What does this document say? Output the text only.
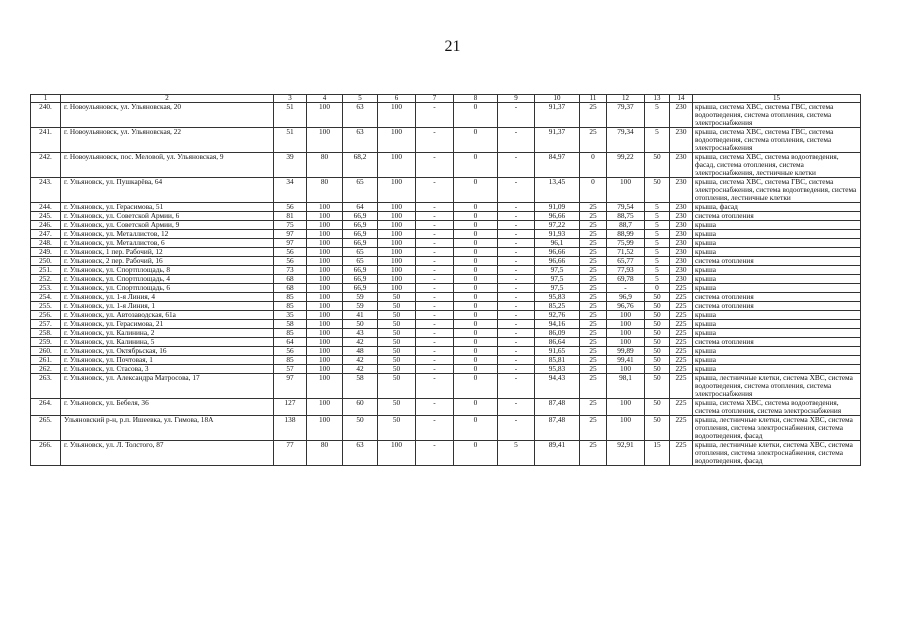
21
1	2	3	4	5	6	7	8	9	10	11	12	13	14	15
240.	г. Новоульяновск, ул. Ульяновская, 20	51	100	63	100	-	0	-	91,37	25	79,37	5	230	крыша, система ХВС, система ГВС, система водоотведения, система отопления, система электроснабжения
241.	г. Новоульяновск, ул. Ульяновская, 22	51	100	63	100	-	0	-	91,37	25	79,34	5	230	крыша, система ХВС, система ГВС, система водоотведения, система отопления, система электроснабжения
242.	г. Новоульяновск, пос. Меловой, ул. Ульяновская, 9	39	80	68,2	100	-	0	-	84,97	0	99,22	50	230	крыша, система ХВС, система водоотведения, фасад, система отопления, система электроснабжения, лестничные клетки
243.	г. Ульяновск, ул. Пушкарёва, 64	34	80	65	100	-	0	-	13,45	0	100	50	230	крыша, система ХВС, система ГВС, система электроснабжения, система водоотведения, система отопления, лестничные клетки
244.	г. Ульяновск, ул. Герасимова, 51	56	100	64	100	-	0	-	91,09	25	79,54	5	230	крыша, фасад
245.	г. Ульяновск, ул. Советской Армии, 6	81	100	66,9	100	-	0	-	96,66	25	88,75	5	230	система отопления
246.	г. Ульяновск, ул. Советской Армии, 9	75	100	66,9	100	-	0	-	97,22	25	88,7	5	230	крыша
247.	г. Ульяновск, ул. Металлистов, 12	97	100	66,9	100	-	0	-	91,93	25	88,99	5	230	крыша
248.	г. Ульяновск, ул. Металлистов, 6	97	100	66,9	100	-	0	-	96,1	25	75,99	5	230	крыша
249.	г. Ульяновск, 1 пер. Рабочий, 12	56	100	65	100	-	0	-	96,66	25	71,52	5	230	крыша
250.	г. Ульяновск, 2 пер. Рабочий, 16	56	100	65	100	-	0	-	96,66	25	65,77	5	230	система отопления
251.	г. Ульяновск, ул. Спортплощадь, 8	73	100	66,9	100	-	0	-	97,5	25	77,93	5	230	крыша
252.	г. Ульяновск, ул. Спортплощадь, 4	68	100	66,9	100	-	0	-	97,5	25	69,78	5	230	крыша
253.	г. Ульяновск, ул. Спортплощадь, 6	68	100	66,9	100	-	0	-	97,5	25	-	0	225	крыша
254.	г. Ульяновск, ул. 1-я Линия, 4	85	100	59	50	-	0	-	95,83	25	96,9	50	225	система отопления
255.	г. Ульяновск, ул. 1-я Линия, 1	85	100	59	50	-	0	-	85,25	25	96,76	50	225	система отопления
256.	г. Ульяновск, ул. Автозаводская, 61а	35	100	41	50	-	0	-	92,76	25	100	50	225	крыша
257.	г. Ульяновск, ул. Герасимова, 21	58	100	50	50	-	0	-	94,16	25	100	50	225	крыша
258.	г. Ульяновск, ул. Калинина, 2	85	100	43	50	-	0	-	86,09	25	100	50	225	крыша
259.	г. Ульяновск, ул. Калинина, 5	64	100	42	50	-	0	-	86,64	25	100	50	225	система отопления
260.	г. Ульяновск, ул. Октябрьская, 16	56	100	48	50	-	0	-	91,65	25	99,89	50	225	крыша
261.	г. Ульяновск, ул. Почтовая, 1	85	100	42	50	-	0	-	85,81	25	99,41	50	225	крыша
262.	г. Ульяновск, ул. Стасова, 3	57	100	42	50	-	0	-	95,83	25	100	50	225	крыша
263.	г. Ульяновск, ул. Александра Матросова, 17	97	100	58	50	-	0	-	94,43	25	98,1	50	225	крыша, лестничные клетки, система ХВС, система водоотведения, система отопления, система электроснабжения
264.	г. Ульяновск, ул. Бебеля, 36	127	100	60	50	-	0	-	87,48	25	100	50	225	крыша, система ХВС, система водоотведения, система отопления, система электроснабжения
265.	Ульяновский р-н, р.п. Ишеевка, ул. Гимова, 18А	138	100	50	50	-	0	-	87,48	25	100	50	225	крыша, лестничные клетки, система ХВС, система отопления, система электроснабжения, система водоотведения, фасад
266.	г. Ульяновск, ул. Л. Толстого, 87	77	80	63	100	-	0	5	89,41	25	92,91	15	225	крыша, лестничные клетки, система ХВС, система отопления, система электроснабжения, система водоотведения, фасад
